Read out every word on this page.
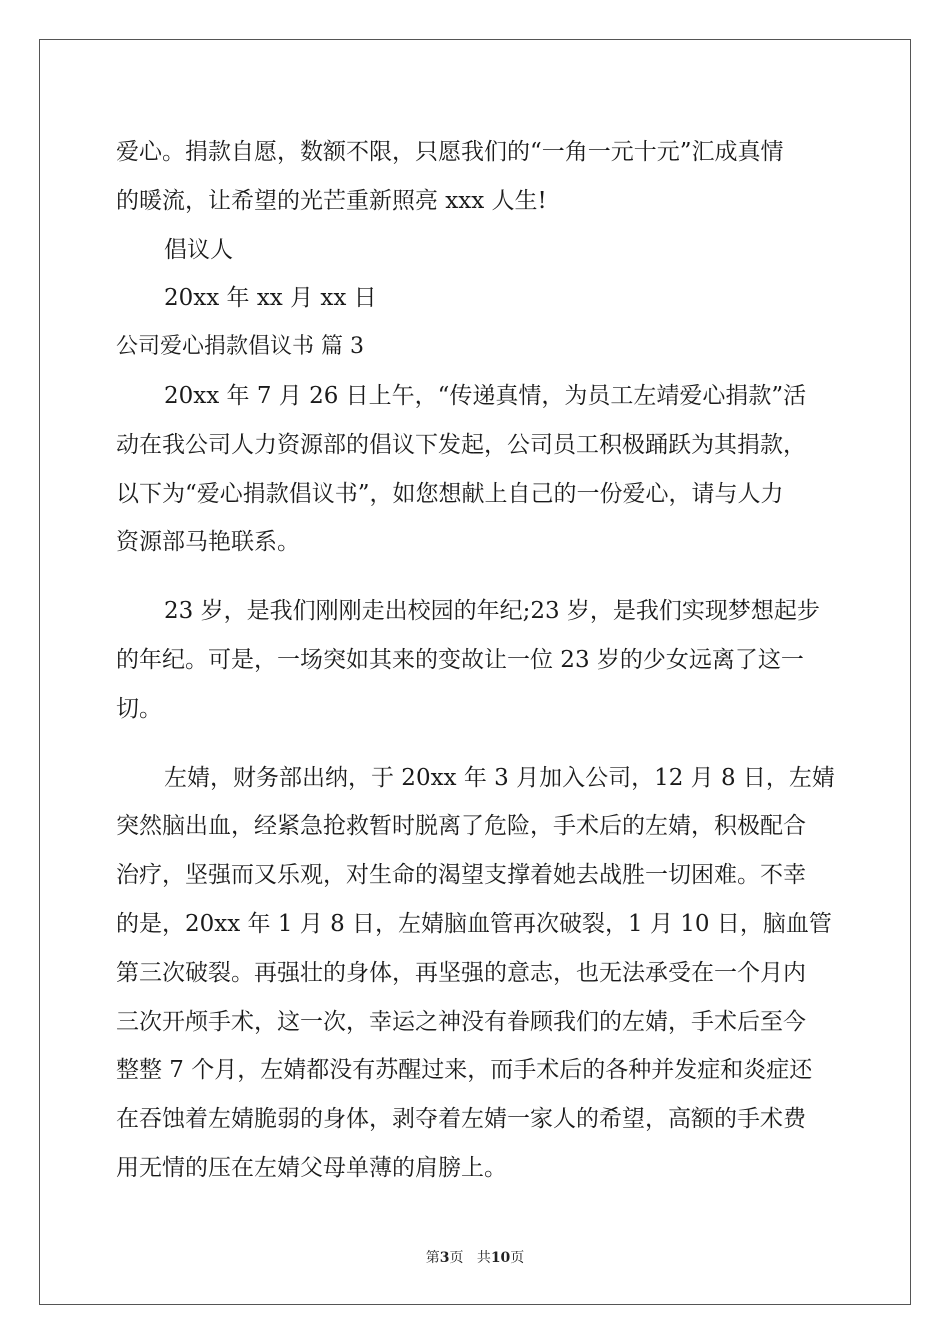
爱心。捐款自愿，数额不限，只愿我们的“一角一元十元”汇成真情
的暖流，让希望的光芒重新照亮 xxx 人生!
倡议人
20xx 年 xx 月 xx 日
公司爱心捐款倡议书 篇 3
20xx 年 7 月 26 日上午，“传递真情，为员工左靖爱心捐款”活
动在我公司人力资源部的倡议下发起，公司员工积极踊跃为其捐款，
以下为“爱心捐款倡议书”，如您想献上自己的一份爱心，请与人力
资源部马艳联系。
23 岁，是我们刚刚走出校园的年纪;23 岁，是我们实现梦想起步
的年纪。可是，一场突如其来的变故让一位 23 岁的少女远离了这一
切。
左婧，财务部出纳，于 20xx 年 3 月加入公司，12 月 8 日，左婧
突然脑出血，经紧急抢救暂时脱离了危险，手术后的左婧，积极配合
治疗，坚强而又乐观，对生命的渴望支撑着她去战胜一切困难。不幸
的是，20xx 年 1 月 8 日，左婧脑血管再次破裂，1 月 10 日，脑血管
第三次破裂。再强壮的身体，再坚强的意志，也无法承受在一个月内
三次开颅手术，这一次，幸运之神没有眷顾我们的左婧，手术后至今
整整 7 个月，左婧都没有苏醒过来，而手术后的各种并发症和炎症还
在吞蚀着左婧脆弱的身体，剥夺着左婧一家人的希望，高额的手术费
用无情的压在左婧父母单薄的肩膀上。
第3页 共10页
